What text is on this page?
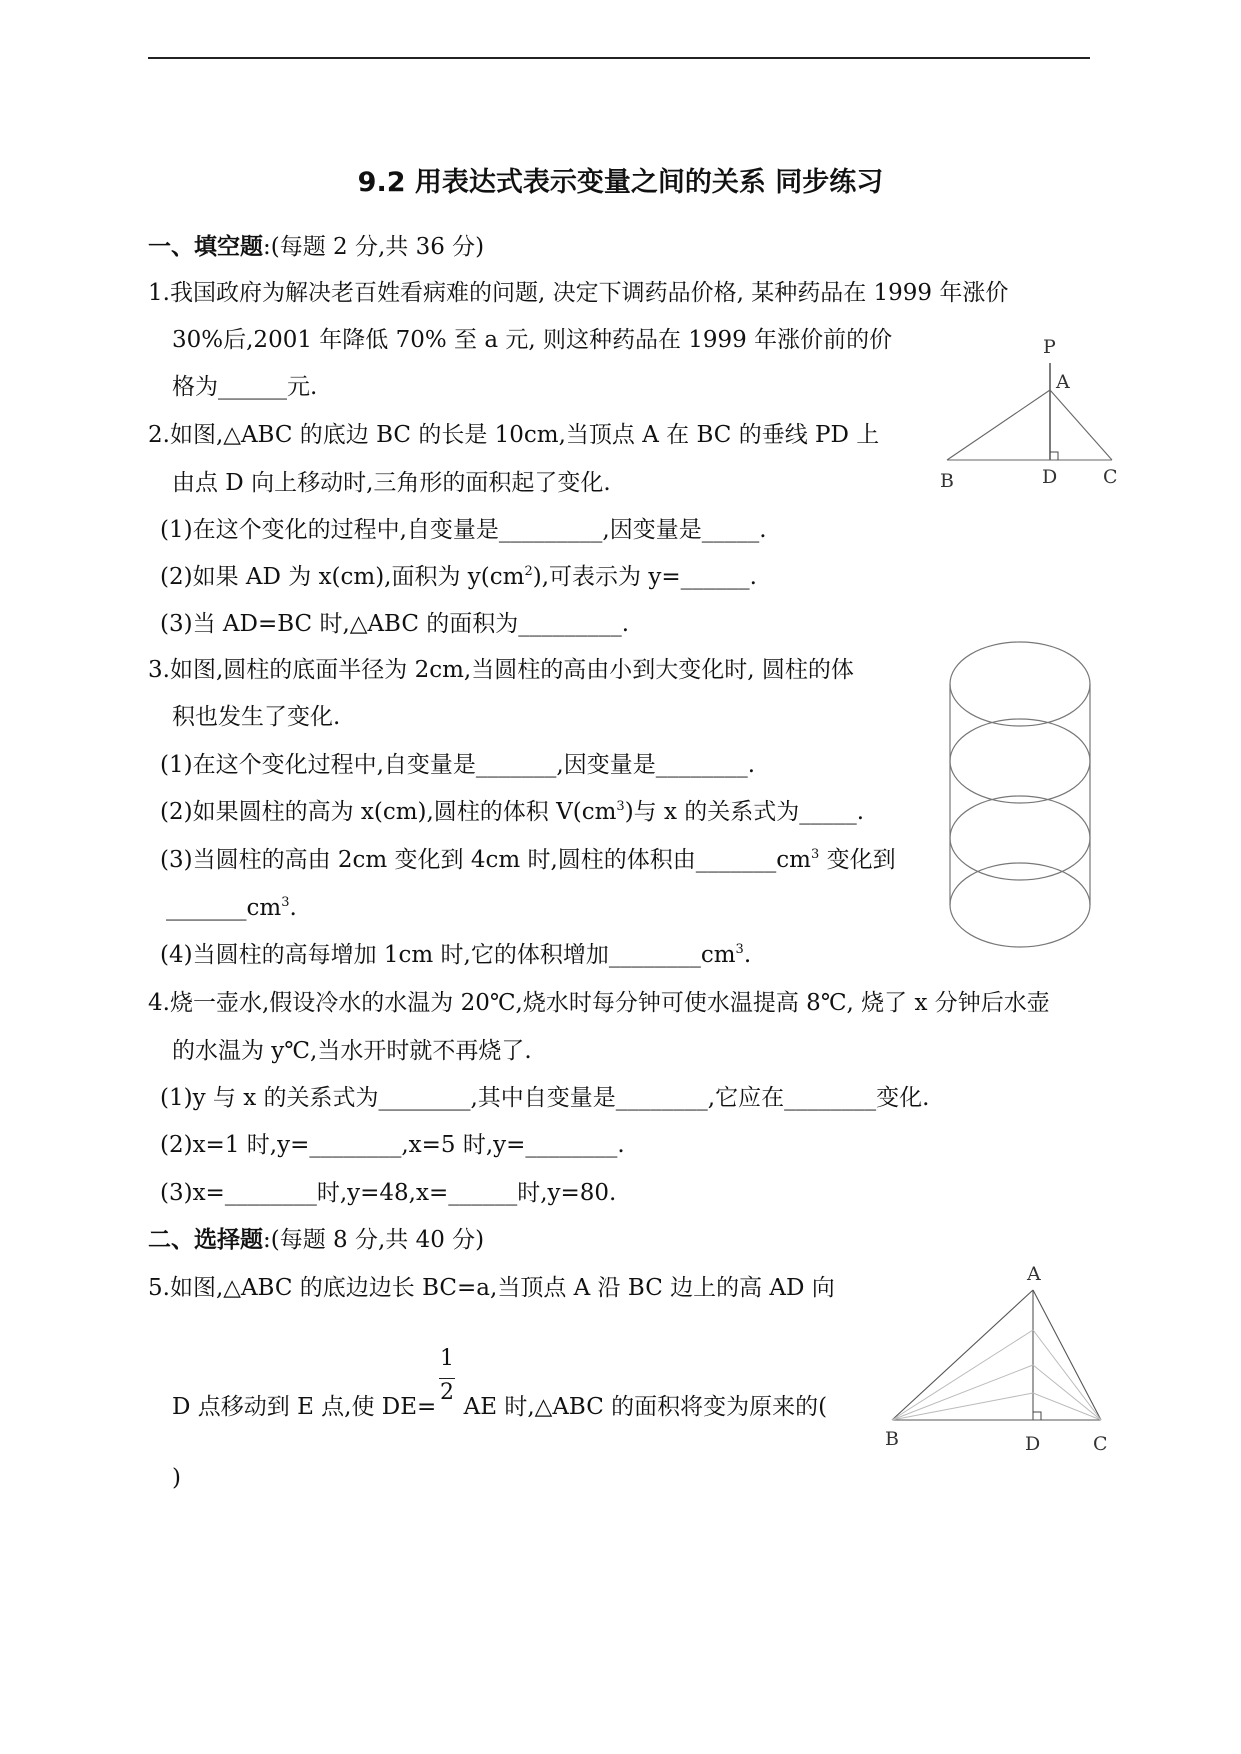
9.2 用表达式表示变量之间的关系 同步练习
一、填空题:(每题 2 分,共 36 分)
1.我国政府为解决老百姓看病难的问题, 决定下调药品价格, 某种药品在 1999 年涨价
30%后,2001 年降低 70% 至 a 元, 则这种药品在 1999 年涨价前的价
格为______元.
P
A
B	D C
2.如图,△ABC 的底边 BC 的长是 10cm,当顶点 A 在 BC 的垂线 PD 上
由点 D 向上移动时,三角形的面积起了变化.
(1)在这个变化的过程中,自变量是_________,因变量是_____.
(2)如果 AD 为 x(cm),面积为 $y(cm^2)$,可表示为 y=______.
(3)当 AD=BC 时,△ABC 的面积为_________.
3.如图,圆柱的底面半径为 2cm,当圆柱的高由小到大变化时, 圆柱的体
积也发生了变化.
(1)在这个变化过程中,自变量是_______,因变量是________.
(2)如果圆柱的高为 x(cm),圆柱的体积 $V(cm^3)$与 x 的关系式为_____.
(3)当圆柱的高由 2cm 变化到 4cm 时,圆柱的体积由$\_\_\_\_\_\_\_cm^3$ 变化到
$\_\_\_\_\_\_\_cm^3$.
(4)当圆柱的高每增加 1cm 时,它的体积增加$\_\_\_\_\_\_\_\_cm^3$.
4.烧一壶水,假设冷水的水温为 20℃,烧水时每分钟可使水温提高 8℃, 烧了 x 分钟后水壶
的水温为 y℃,当水开时就不再烧了.
(1)y 与 x 的关系式为________,其中自变量是________,它应在________变化.
(2)x=1 时,y=________,x=5 时,y=________.
(3)x=________时,y=48,x=______时,y=80.
二、选择题:(每题 8 分,共 40 分)
5.如图,△ABC 的底边边长 BC=a,当顶点 A 沿 BC 边上的高 AD 向
1
2
D 点移动到 E 点,使 DE= AE 时,△ABC 的面积将变为原来的(
)
A
B	D	C
